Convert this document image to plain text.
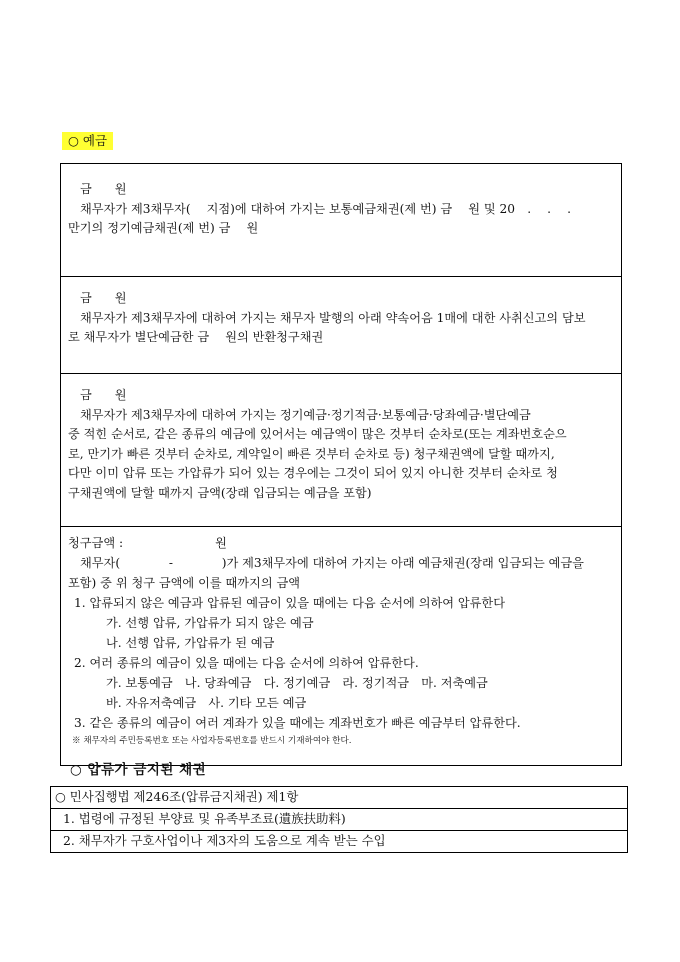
○ 예금
금 원
채무자가 제3채무자(　 지점)에 대하여 가지는 보통예금채권(제 번) 금　 원 및 20　. 　. 　.
만기의 정기예금채권(제 번) 금　 원

금 원
채무자가 제3채무자에 대하여 가지는 채무자 발행의 아래 약속어음 1매에 대한 사취신고의 담보
로 채무자가 별단예금한 금　 원의 반환청구채권

금 원
채무자가 제3채무자에 대하여 가지는 정기예금·정기적금·보통예금·당좌예금·별단예금
중 적힌 순서로, 같은 종류의 예금에 있어서는 예금액이 많은 것부터 순차로(또는 계좌번호순으
로, 만기가 빠른 것부터 순차로, 계약일이 빠른 것부터 순차로 등) 청구채권액에 달할 때까지,
다만 이미 압류 또는 가압류가 되어 있는 경우에는 그것이 되어 있지 아니한 것부터 순차로 청
구채권액에 달할 때까지 금액(장래 입금되는 예금을 포함)

청구금액 :	원
채무자(　　　　-　　　　)가 제3채무자에 대하여 가지는 아래 예금채권(장래 입금되는 예금을
포함) 중 위 청구 금액에 이를 때까지의 금액
1. 압류되지 않은 예금과 압류된 예금이 있을 때에는 다음 순서에 의하여 압류한다
가. 선행 압류, 가압류가 되지 않은 예금
나. 선행 압류, 가압류가 된 예금
2. 여러 종류의 예금이 있을 때에는 다음 순서에 의하여 압류한다.
가. 보통예금　나. 당좌예금　다. 정기예금　라. 정기적금　마. 저축예금
바. 자유저축예금　사. 기타 모든 예금
3. 같은 종류의 예금이 여러 계좌가 있을 때에는 계좌번호가 빠른 예금부터 압류한다.
※ 채무자의 주민등록번호 또는 사업자등록번호를 반드시 기재하여야 한다.
○ 압류가 금지된 채권
○ 민사집행법 제246조(압류금지채권) 제1항
1. 법령에 규정된 부양료 및 유족부조료(遺族扶助料)
2. 채무자가 구호사업이나 제3자의 도움으로 계속 받는 수입
